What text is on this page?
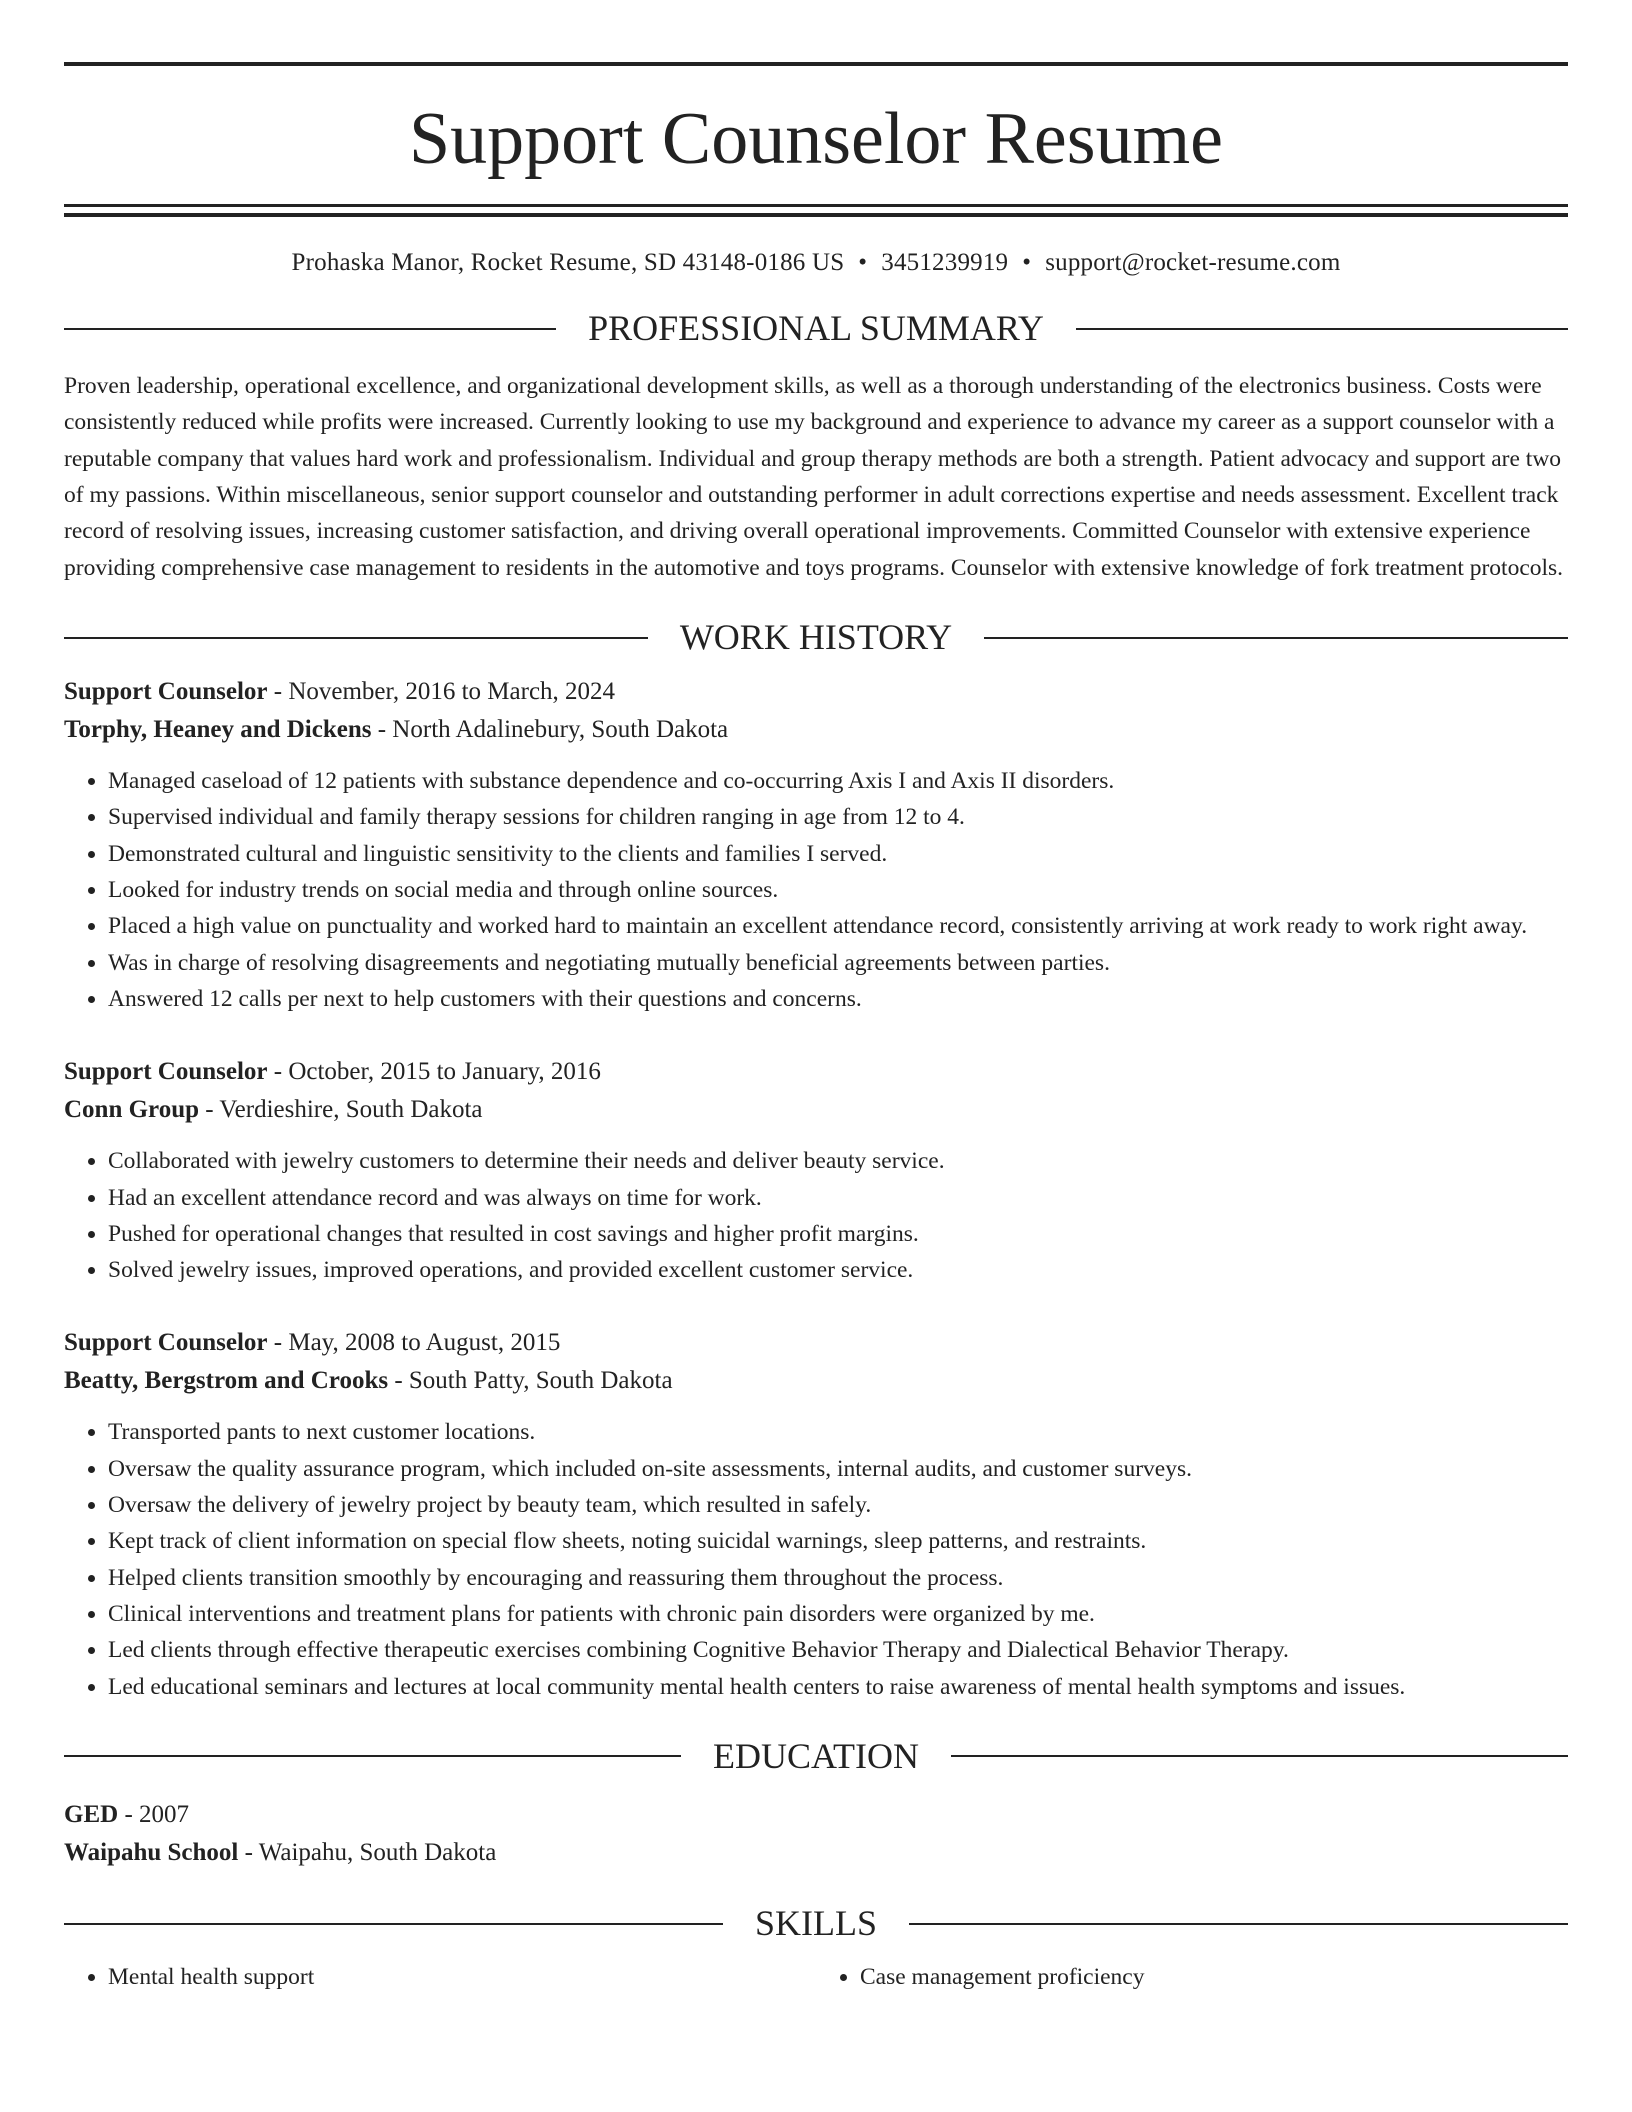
Support Counselor Resume
Prohaska Manor, Rocket Resume, SD 43148-0186 US • 3451239919 • support@rocket-resume.com
PROFESSIONAL SUMMARY

Proven leadership, operational excellence, and organizational development skills, as well as a thorough understanding of the electronics business. Costs were consistently reduced while profits were increased. Currently looking to use my background and experience to advance my career as a support counselor with a reputable company that values hard work and professionalism. Individual and group therapy methods are both a strength. Patient advocacy and support are two of my passions. Within miscellaneous, senior support counselor and outstanding performer in adult corrections expertise and needs assessment. Excellent track record of resolving issues, increasing customer satisfaction, and driving overall operational improvements. Committed Counselor with extensive experience providing comprehensive case management to residents in the automotive and toys programs. Counselor with extensive knowledge of fork treatment protocols.

WORK HISTORY
Support Counselor - November, 2016 to March, 2024
Torphy, Heaney and Dickens - North Adalinebury, South Dakota
• Managed caseload of 12 patients with substance dependence and co-occurring Axis I and Axis II disorders.
• Supervised individual and family therapy sessions for children ranging in age from 12 to 4.
• Demonstrated cultural and linguistic sensitivity to the clients and families I served.
• Looked for industry trends on social media and through online sources.
• Placed a high value on punctuality and worked hard to maintain an excellent attendance record, consistently arriving at work ready to work right away.
• Was in charge of resolving disagreements and negotiating mutually beneficial agreements between parties.
• Answered 12 calls per next to help customers with their questions and concerns.
Support Counselor - October, 2015 to January, 2016
Conn Group - Verdieshire, South Dakota
• Collaborated with jewelry customers to determine their needs and deliver beauty service.
• Had an excellent attendance record and was always on time for work.
• Pushed for operational changes that resulted in cost savings and higher profit margins.
• Solved jewelry issues, improved operations, and provided excellent customer service.
Support Counselor - May, 2008 to August, 2015
Beatty, Bergstrom and Crooks - South Patty, South Dakota
• Transported pants to next customer locations.
• Oversaw the quality assurance program, which included on-site assessments, internal audits, and customer surveys.
• Oversaw the delivery of jewelry project by beauty team, which resulted in safely.
• Kept track of client information on special flow sheets, noting suicidal warnings, sleep patterns, and restraints.
• Helped clients transition smoothly by encouraging and reassuring them throughout the process.
• Clinical interventions and treatment plans for patients with chronic pain disorders were organized by me.
• Led clients through effective therapeutic exercises combining Cognitive Behavior Therapy and Dialectical Behavior Therapy.
• Led educational seminars and lectures at local community mental health centers to raise awareness of mental health symptoms and issues.
EDUCATION
GED - 2007
Waipahu School - Waipahu, South Dakota
SKILLS
• Mental health support
•	Case management proficiency
